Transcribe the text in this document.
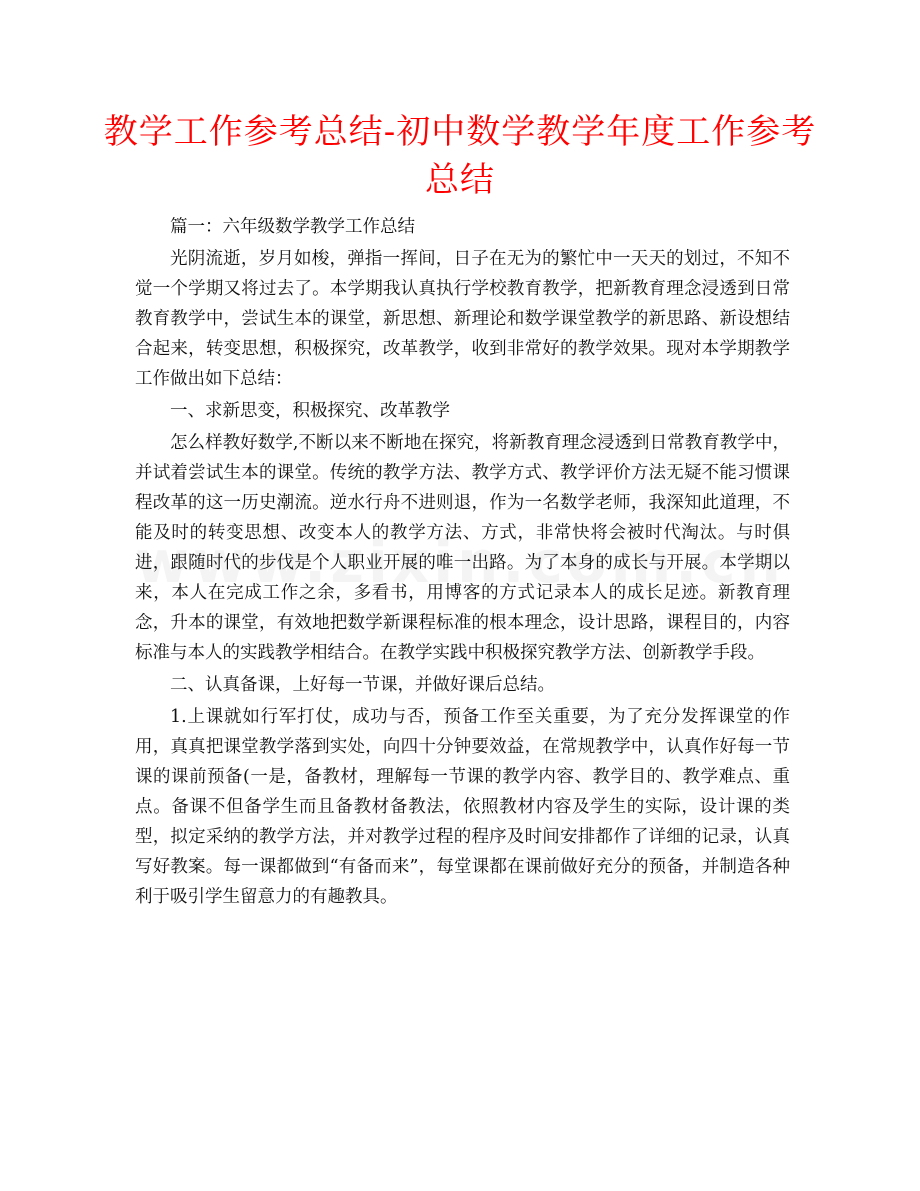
教学工作参考总结-初中数学教学年度工作参考总结

篇一：六年级数学教学工作总结

光阴流逝，岁月如梭，弹指一挥间，日子在无为的繁忙中一天天的划过，不知不觉一个学期又将过去了。本学期我认真执行学校教育教学，把新教育理念浸透到日常教育教学中，尝试生本的课堂，新思想、新理论和数学课堂教学的新思路、新设想结合起来，转变思想，积极探究，改革教学，收到非常好的教学效果。现对本学期教学工作做出如下总结：

一、求新思变，积极探究、改革教学

怎么样教好数学,不断以来不断地在探究，将新教育理念浸透到日常教育教学中，并试着尝试生本的课堂。传统的教学方法、教学方式、教学评价方法无疑不能习惯课程改革的这一历史潮流。逆水行舟不进则退，作为一名数学老师，我深知此道理，不能及时的转变思想、改变本人的教学方法、方式，非常快将会被时代淘汰。与时俱进，跟随时代的步伐是个人职业开展的唯一出路。为了本身的成长与开展。本学期以来，本人在完成工作之余，多看书，用博客的方式记录本人的成长足迹。新教育理念，升本的课堂，有效地把数学新课程标准的根本理念，设计思路，课程目的，内容标准与本人的实践教学相结合。在教学实践中积极探究教学方法、创新教学手段。

二、认真备课，上好每一节课，并做好课后总结。

1.上课就如行军打仗，成功与否，预备工作至关重要，为了充分发挥课堂的作用，真真把课堂教学落到实处，向四十分钟要效益，在常规教学中，认真作好每一节课的课前预备(一是，备教材，理解每一节课的教学内容、教学目的、教学难点、重点。备课不但备学生而且备教材备教法，依照教材内容及学生的实际，设计课的类型，拟定采纳的教学方法，并对教学过程的程序及时间安排都作了详细的记录，认真写好教案。每一课都做到“有备而来”，每堂课都在课前做好充分的预备，并制造各种利于吸引学生留意力的有趣教具。
